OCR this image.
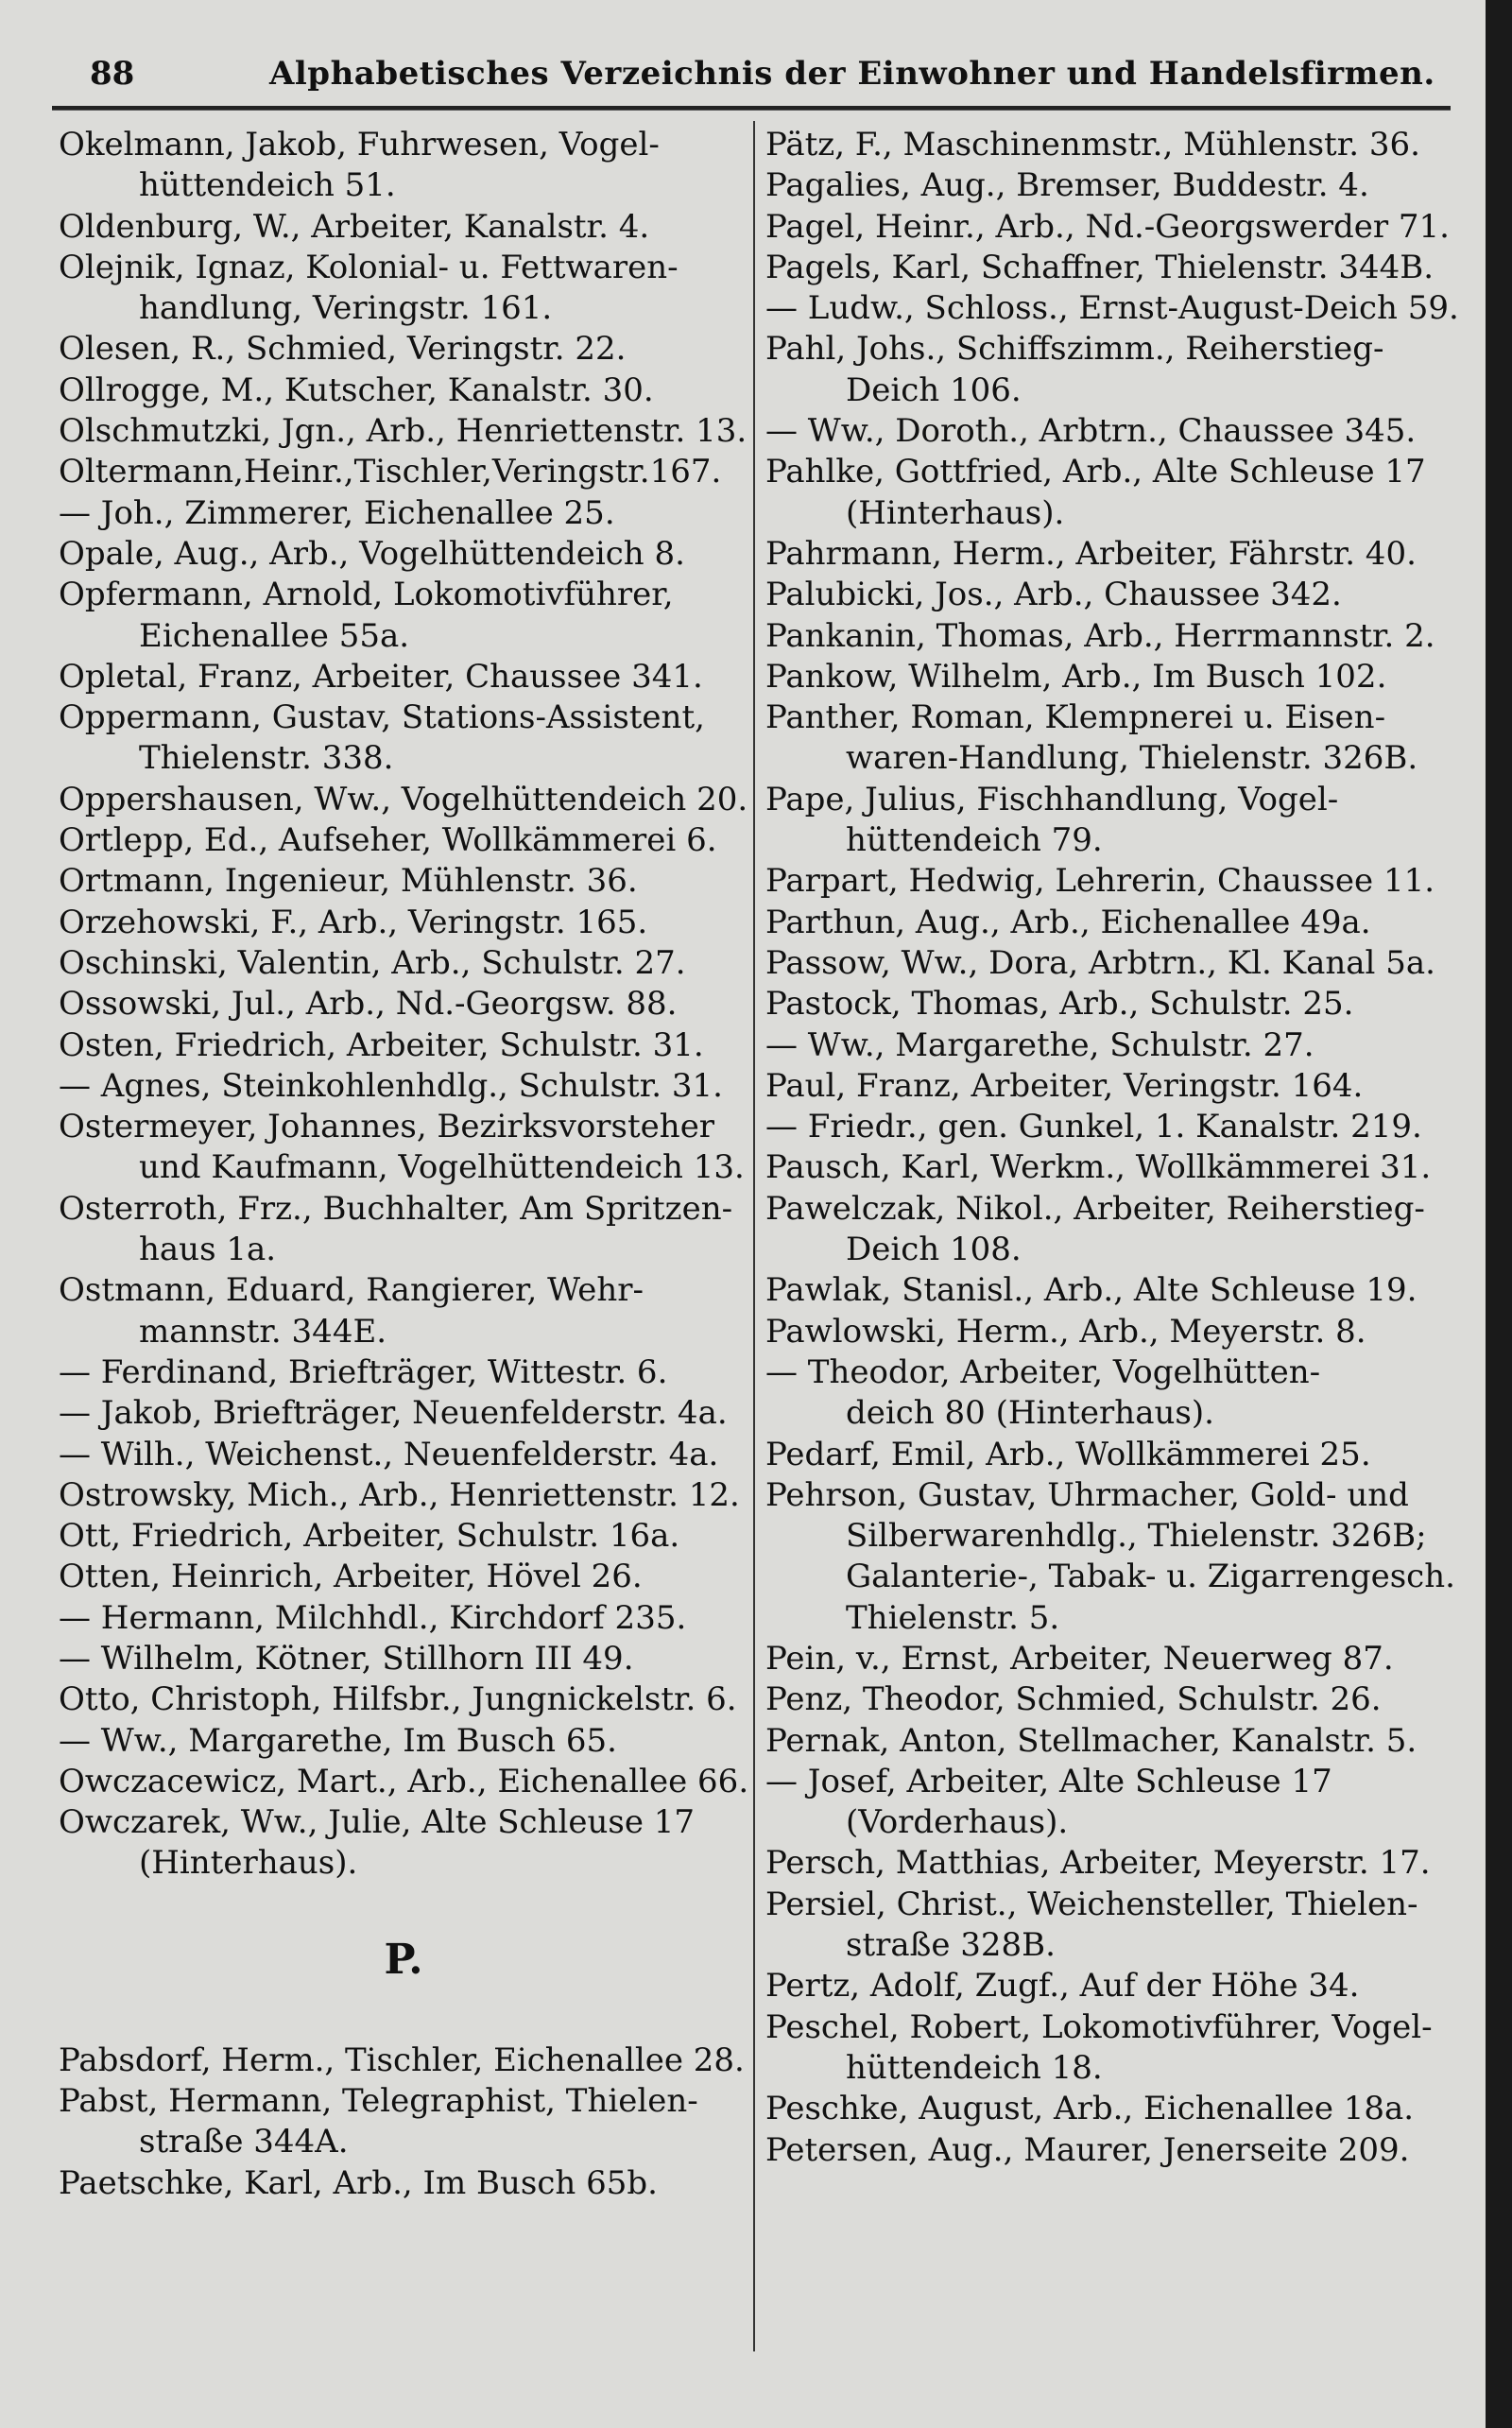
88	Alphabetisches Verzeichnis der Einwohner und Handelsfirmen.
Okelmann, Jakob, Fuhrwesen, Vogel-
hüttendeich 51.
Oldenburg, W., Arbeiter, Kanalstr. 4.
Olejnik, Ignaz, Kolonial- u. Fettwaren-
handlung, Veringstr. 161.
Olesen, R., Schmied, Veringstr. 22.
Ollrogge, M., Kutscher, Kanalstr. 30.
Olschmutzki, Jgn., Arb., Henriettenstr. 13.
Oltermann,Heinr.,Tischler,Veringstr.167.
— Joh., Zimmerer, Eichenallee 25.
Opale, Aug., Arb., Vogelhüttendeich 8.
Opfermann, Arnold, Lokomotivführer,
Eichenallee 55a.
Opletal, Franz, Arbeiter, Chaussee 341.
Oppermann, Gustav, Stations-Assistent,
Thielenstr. 338.
Oppershausen, Ww., Vogelhüttendeich 20.
Ortlepp, Ed., Aufseher, Wollkämmerei 6.
Ortmann, Ingenieur, Mühlenstr. 36.
Orzehowski, F., Arb., Veringstr. 165.
Oschinski, Valentin, Arb., Schulstr. 27.
Ossowski, Jul., Arb., Nd.-Georgsw. 88.
Osten, Friedrich, Arbeiter, Schulstr. 31.
— Agnes, Steinkohlenhdlg., Schulstr. 31.
Ostermeyer, Johannes, Bezirksvorsteher
und Kaufmann, Vogelhüttendeich 13.
Osterroth, Frz., Buchhalter, Am Spritzen-
haus 1a.
Ostmann, Eduard, Rangierer, Wehr-
mannstr. 344E.
— Ferdinand, Briefträger, Wittestr. 6.
— Jakob, Briefträger, Neuenfelderstr. 4a.
— Wilh., Weichenst., Neuenfelderstr. 4a.
Ostrowsky, Mich., Arb., Henriettenstr. 12.
Ott, Friedrich, Arbeiter, Schulstr. 16a.
Otten, Heinrich, Arbeiter, Hövel 26.
— Hermann, Milchhdl., Kirchdorf 235.
— Wilhelm, Kötner, Stillhorn III 49.
Otto, Christoph, Hilfsbr., Jungnickelstr. 6.
— Ww., Margarethe, Im Busch 65.
Owczacewicz, Mart., Arb., Eichenallee 66.
Owczarek, Ww., Julie, Alte Schleuse 17
(Hinterhaus).
P.
Pabsdorf, Herm., Tischler, Eichenallee 28.
Pabst, Hermann, Telegraphist, Thielen-
straße 344A.
Paetschke, Karl, Arb., Im Busch 65b.
Pätz, F., Maschinenmstr., Mühlenstr. 36.
Pagalies, Aug., Bremser, Buddestr. 4.
Pagel, Heinr., Arb., Nd.-Georgswerder 71.
Pagels, Karl, Schaffner, Thielenstr. 344B.
— Ludw., Schloss., Ernst-August-Deich 59.
Pahl, Johs., Schiffszimm., Reiherstieg-
Deich 106.
— Ww., Doroth., Arbtrn., Chaussee 345.
Pahlke, Gottfried, Arb., Alte Schleuse 17
(Hinterhaus).
Pahrmann, Herm., Arbeiter, Fährstr. 40.
Palubicki, Jos., Arb., Chaussee 342.
Pankanin, Thomas, Arb., Herrmannstr. 2.
Pankow, Wilhelm, Arb., Im Busch 102.
Panther, Roman, Klempnerei u. Eisen-
waren-Handlung, Thielenstr. 326B.
Pape, Julius, Fischhandlung, Vogel-
hüttendeich 79.
Parpart, Hedwig, Lehrerin, Chaussee 11.
Parthun, Aug., Arb., Eichenallee 49a.
Passow, Ww., Dora, Arbtrn., Kl. Kanal 5a.
Pastock, Thomas, Arb., Schulstr. 25.
— Ww., Margarethe, Schulstr. 27.
Paul, Franz, Arbeiter, Veringstr. 164.
— Friedr., gen. Gunkel, 1. Kanalstr. 219.
Pausch, Karl, Werkm., Wollkämmerei 31.
Pawelczak, Nikol., Arbeiter, Reiherstieg-
Deich 108.
Pawlak, Stanisl., Arb., Alte Schleuse 19.
Pawlowski, Herm., Arb., Meyerstr. 8.
— Theodor, Arbeiter, Vogelhütten-
deich 80 (Hinterhaus).
Pedarf, Emil, Arb., Wollkämmerei 25.
Pehrson, Gustav, Uhrmacher, Gold- und
Silberwarenhdlg., Thielenstr. 326B;
Galanterie-, Tabak- u. Zigarrengesch.
Thielenstr. 5.
Pein, v., Ernst, Arbeiter, Neuerweg 87.
Penz, Theodor, Schmied, Schulstr. 26.
Pernak, Anton, Stellmacher, Kanalstr. 5.
— Josef, Arbeiter, Alte Schleuse 17
(Vorderhaus).
Persch, Matthias, Arbeiter, Meyerstr. 17.
Persiel, Christ., Weichensteller, Thielen-
straße 328B.
Pertz, Adolf, Zugf., Auf der Höhe 34.
Peschel, Robert, Lokomotivführer, Vogel-
hüttendeich 18.
Peschke, August, Arb., Eichenallee 18a.
Petersen, Aug., Maurer, Jenerseite 209.
